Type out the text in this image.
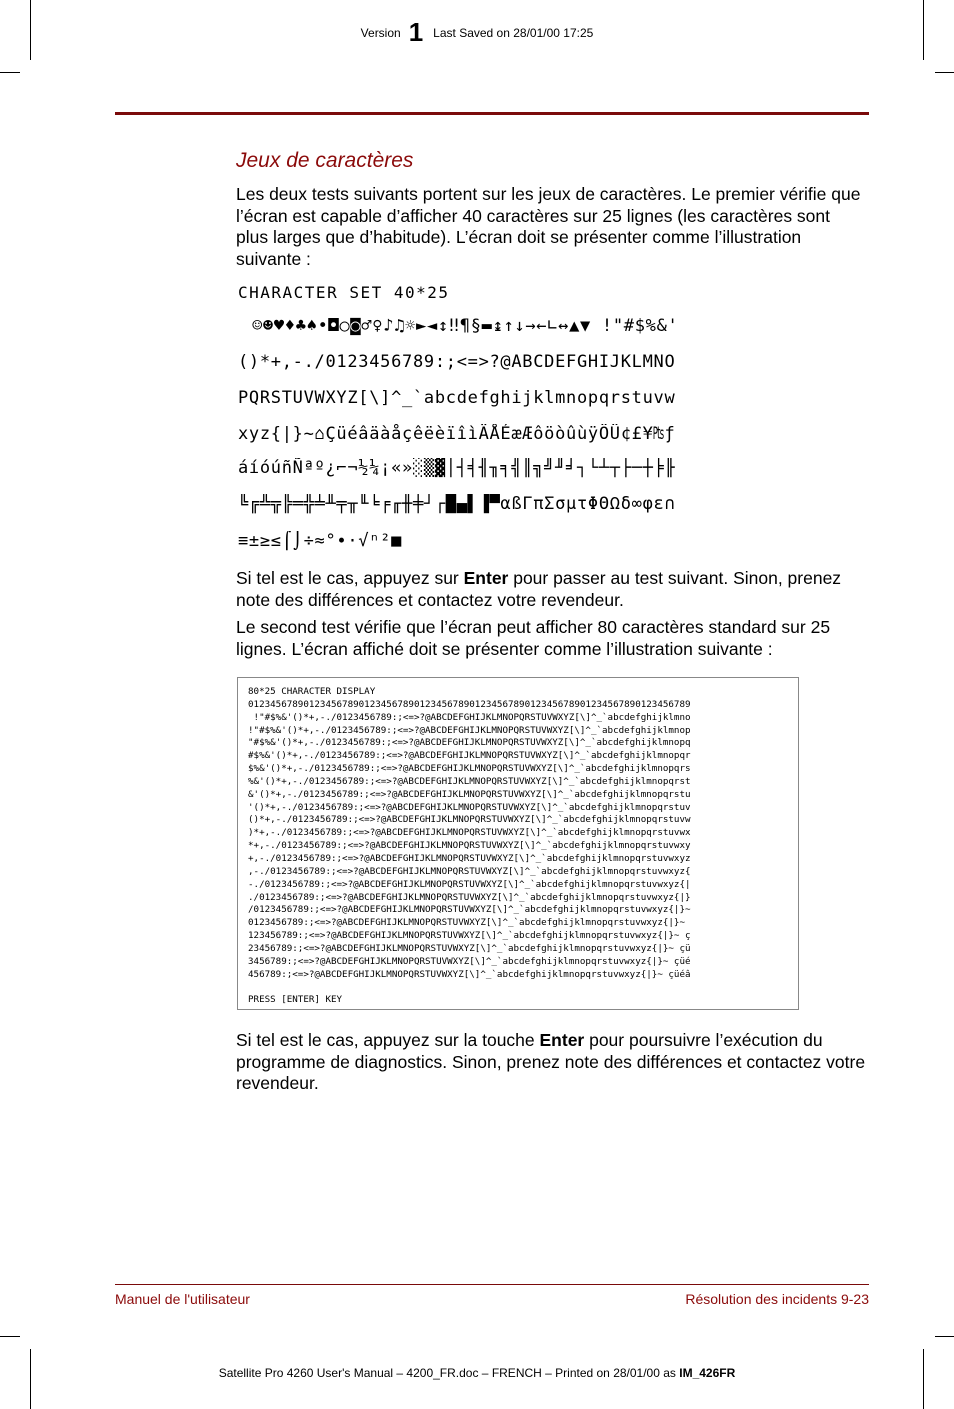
Version 1 Last Saved on 28/01/00 17:25
Jeux de caractères

Les deux tests suivants portent sur les jeux de caractères. Le premier vérifie que l’écran est capable d’afficher 40 caractères sur 25 lignes (les caractères sont plus larges que d’habitude). L’écran doit se présenter comme l’illustration suivante :

CHARACTER SET 40*25

☺☻♥♦♣♠•◘○◙♂♀♪♫☼►◄↕‼¶§▬↨↑↓→←∟↔▲▼ !"#$%&'

()*+,-./0123456789:;<=>?@ABCDEFGHIJKLMNO

PQRSTUVWXYZ[\]^_`abcdefghijklmnopqrstuvw

xyz{|}~⌂ÇüéâäàåçêëèïîìÄÅÉæÆôöòûùÿÖÜ¢£¥₧ƒ

áíóúñÑªº¿⌐¬½¼¡«»░▒▓│┤╡╢╖╕╣║╗╝╜╛┐└┴┬├─┼╞╟

╚╔╩╦╠═╬╧╨╤╥╙╘╒╓╫╪┘┌█▄▌▐▀αßΓπΣσµτΦΘΩδ∞φε∩

≡±≥≤⌠⌡÷≈°∙·√ⁿ²■

Si tel est le cas, appuyez sur Enter pour passer au test suivant. Sinon, prenez note des différences et contactez votre revendeur.

Le second test vérifie que l’écran peut afficher 80 caractères standard sur 25 lignes. L’écran affiché doit se présenter comme l’illustration suivante :

80*25 CHARACTER DISPLAY
01234567890123456789012345678901234567890123456789012345678901234567890123456789
!"#$%&'()*+,-./0123456789:;<=>?@ABCDEFGHIJKLMNOPQRSTUVWXYZ[\]^_`abcdefghijklmno
!"#$%&'()*+,-./0123456789:;<=>?@ABCDEFGHIJKLMNOPQRSTUVWXYZ[\]^_`abcdefghijklmnop
"#$%&'()*+,-./0123456789:;<=>?@ABCDEFGHIJKLMNOPQRSTUVWXYZ[\]^_`abcdefghijklmnopq
#$%&'()*+,-./0123456789:;<=>?@ABCDEFGHIJKLMNOPQRSTUVWXYZ[\]^_`abcdefghijklmnopqr
$%&'()*+,-./0123456789:;<=>?@ABCDEFGHIJKLMNOPQRSTUVWXYZ[\]^_`abcdefghijklmnopqrs
%&'()*+,-./0123456789:;<=>?@ABCDEFGHIJKLMNOPQRSTUVWXYZ[\]^_`abcdefghijklmnopqrst
&'()*+,-./0123456789:;<=>?@ABCDEFGHIJKLMNOPQRSTUVWXYZ[\]^_`abcdefghijklmnopqrstu
'()*+,-./0123456789:;<=>?@ABCDEFGHIJKLMNOPQRSTUVWXYZ[\]^_`abcdefghijklmnopqrstuv
()*+,-./0123456789:;<=>?@ABCDEFGHIJKLMNOPQRSTUVWXYZ[\]^_`abcdefghijklmnopqrstuvw
)*+,-./0123456789:;<=>?@ABCDEFGHIJKLMNOPQRSTUVWXYZ[\]^_`abcdefghijklmnopqrstuvwx
*+,-./0123456789:;<=>?@ABCDEFGHIJKLMNOPQRSTUVWXYZ[\]^_`abcdefghijklmnopqrstuvwxy
+,-./0123456789:;<=>?@ABCDEFGHIJKLMNOPQRSTUVWXYZ[\]^_`abcdefghijklmnopqrstuvwxyz
,-./0123456789:;<=>?@ABCDEFGHIJKLMNOPQRSTUVWXYZ[\]^_`abcdefghijklmnopqrstuvwxyz{
-./0123456789:;<=>?@ABCDEFGHIJKLMNOPQRSTUVWXYZ[\]^_`abcdefghijklmnopqrstuvwxyz{|
./0123456789:;<=>?@ABCDEFGHIJKLMNOPQRSTUVWXYZ[\]^_`abcdefghijklmnopqrstuvwxyz{|}
/0123456789:;<=>?@ABCDEFGHIJKLMNOPQRSTUVWXYZ[\]^_`abcdefghijklmnopqrstuvwxyz{|}~
0123456789:;<=>?@ABCDEFGHIJKLMNOPQRSTUVWXYZ[\]^_`abcdefghijklmnopqrstuvwxyz{|}~
123456789:;<=>?@ABCDEFGHIJKLMNOPQRSTUVWXYZ[\]^_`abcdefghijklmnopqrstuvwxyz{|}~ ç
23456789:;<=>?@ABCDEFGHIJKLMNOPQRSTUVWXYZ[\]^_`abcdefghijklmnopqrstuvwxyz{|}~ çü
3456789:;<=>?@ABCDEFGHIJKLMNOPQRSTUVWXYZ[\]^_`abcdefghijklmnopqrstuvwxyz{|}~ çüé
456789:;<=>?@ABCDEFGHIJKLMNOPQRSTUVWXYZ[\]^_`abcdefghijklmnopqrstuvwxyz{|}~ çüéâ
PRESS [ENTER] KEY

Si tel est le cas, appuyez sur la touche Enter pour poursuivre l’exécution du programme de diagnostics. Sinon, prenez note des différences et contactez votre revendeur.

Manuel de l'utilisateur	Résolution des incidents 9-23

Satellite Pro 4260 User's Manual – 4200_FR.doc – FRENCH – Printed on 28/01/00 as IM_426FR
